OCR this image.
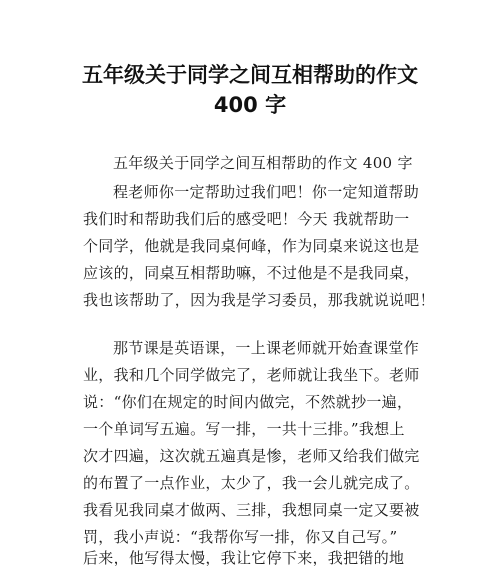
五年级关于同学之间互相帮助的作文
400 字
五年级关于同学之间互相帮助的作文 400 字
程老师你一定帮助过我们吧！你一定知道帮助
我们时和帮助我们后的感受吧！今天 我就帮助一
个同学，他就是我同桌何峰，作为同桌来说这也是
应该的，同桌互相帮助嘛，不过他是不是我同桌，
我也该帮助了，因为我是学习委员，那我就说说吧！
那节课是英语课，一上课老师就开始查课堂作
业，我和几个同学做完了，老师就让我坐下。老师
说：“你们在规定的时间内做完，不然就抄一遍，
一个单词写五遍。写一排，一共十三排。”我想上
次才四遍，这次就五遍真是惨，老师又给我们做完
的布置了一点作业，太少了，我一会儿就完成了。
我看见我同桌才做两、三排，我想同桌一定又要被
罚，我小声说：“我帮你写一排，你又自己写。”
后来，他写得太慢，我让它停下来，我把错的地
